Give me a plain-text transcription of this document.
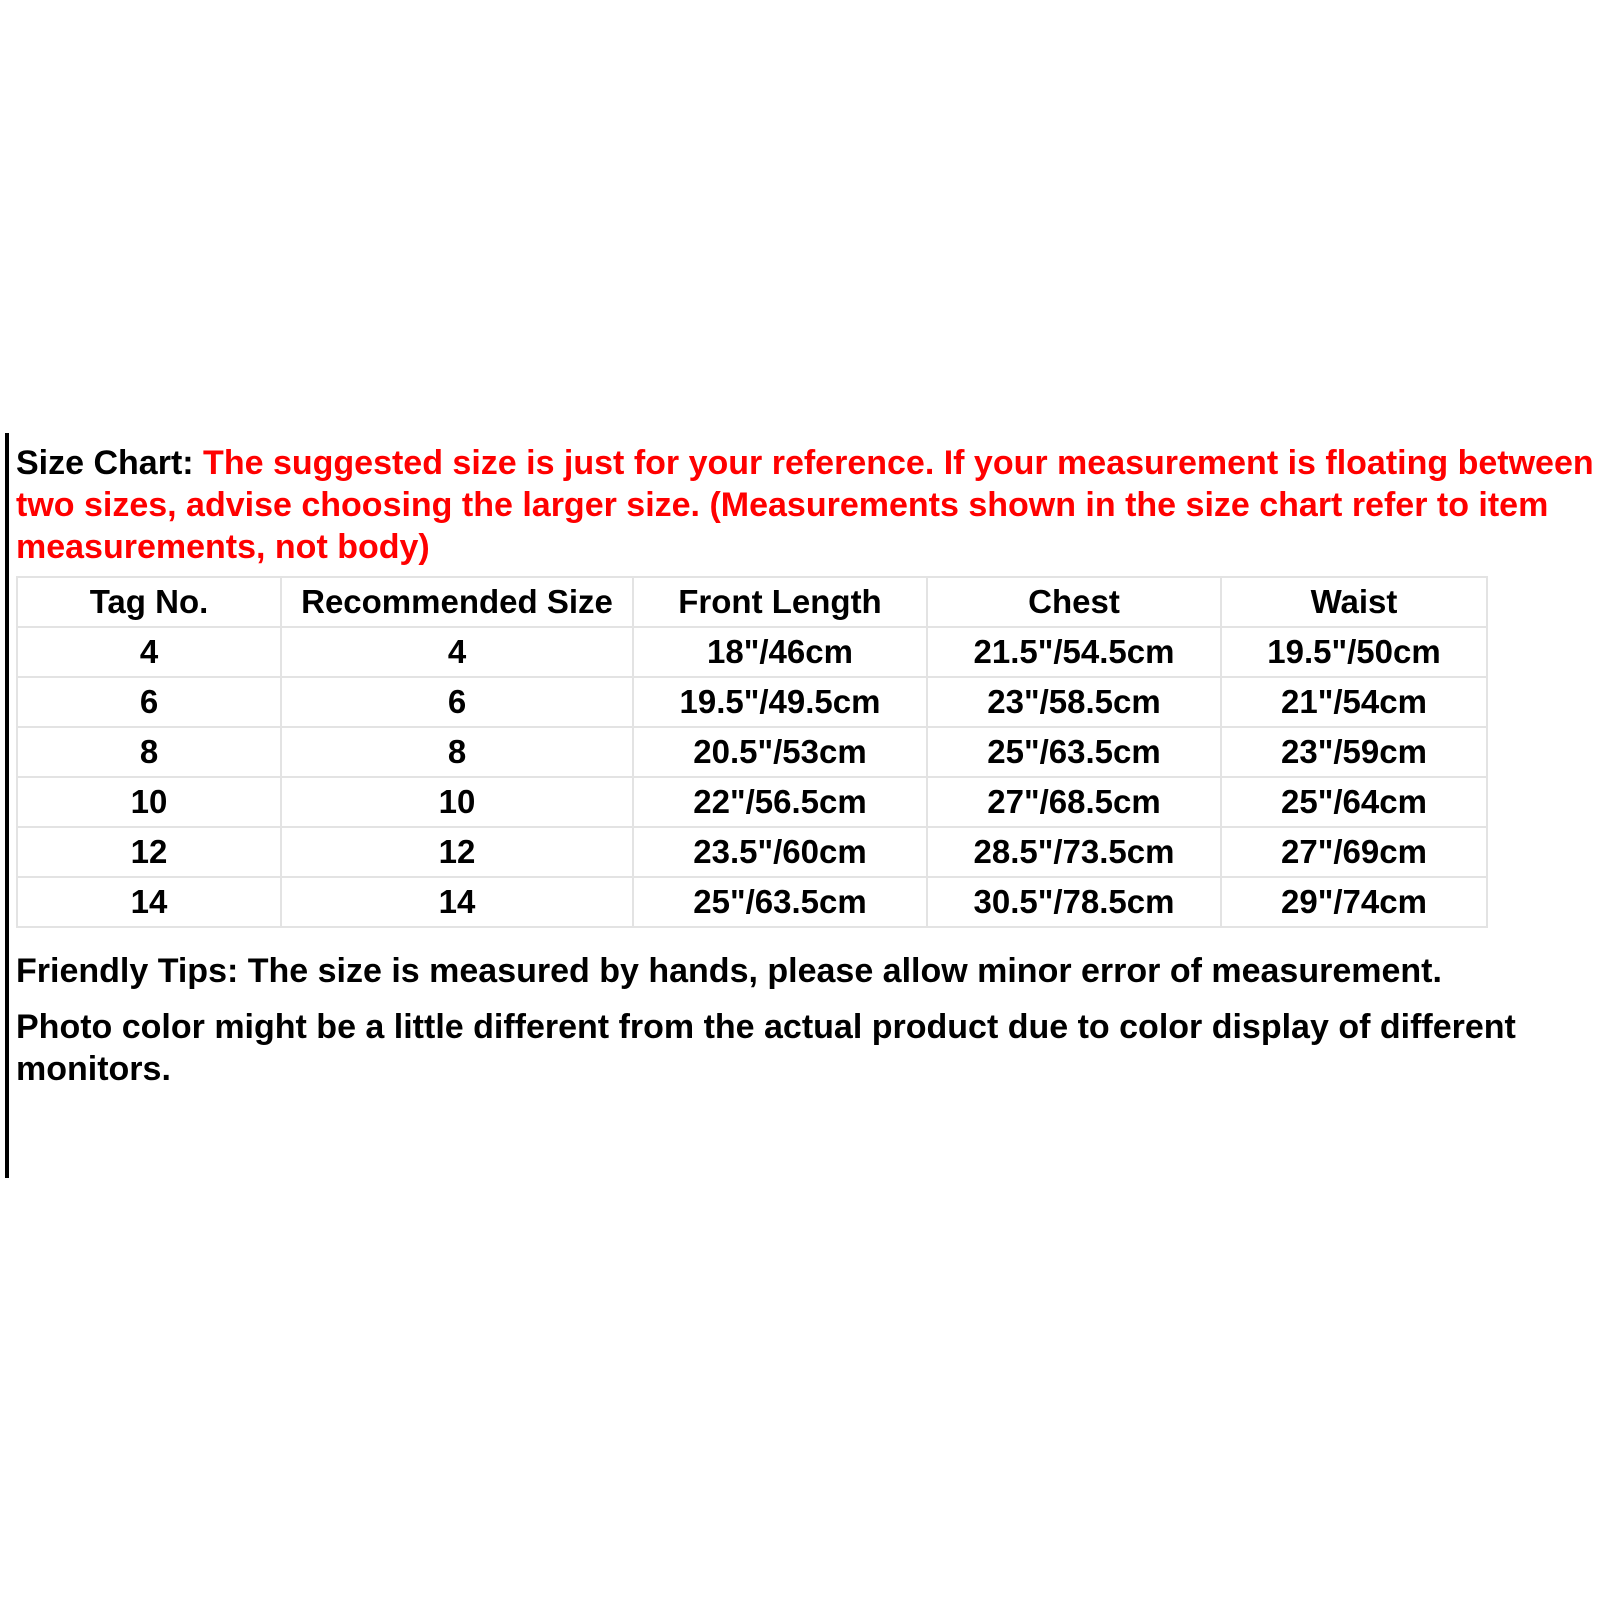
Size Chart: The suggested size is just for your reference. If your measurement is floating between two sizes, advise choosing the larger size. (Measurements shown in the size chart refer to item measurements, not body)

Tag No.	Recommended Size	Front Length	Chest	Waist
4	4	18"/46cm	21.5"/54.5cm	19.5"/50cm
6	6	19.5"/49.5cm	23"/58.5cm	21"/54cm
8	8	20.5"/53cm	25"/63.5cm	23"/59cm
10	10	22"/56.5cm	27"/68.5cm	25"/64cm
12	12	23.5"/60cm	28.5"/73.5cm	27"/69cm
14	14	25"/63.5cm	30.5"/78.5cm	29"/74cm

Friendly Tips: The size is measured by hands, please allow minor error of measurement.

Photo color might be a little different from the actual product due to color display of different monitors.
